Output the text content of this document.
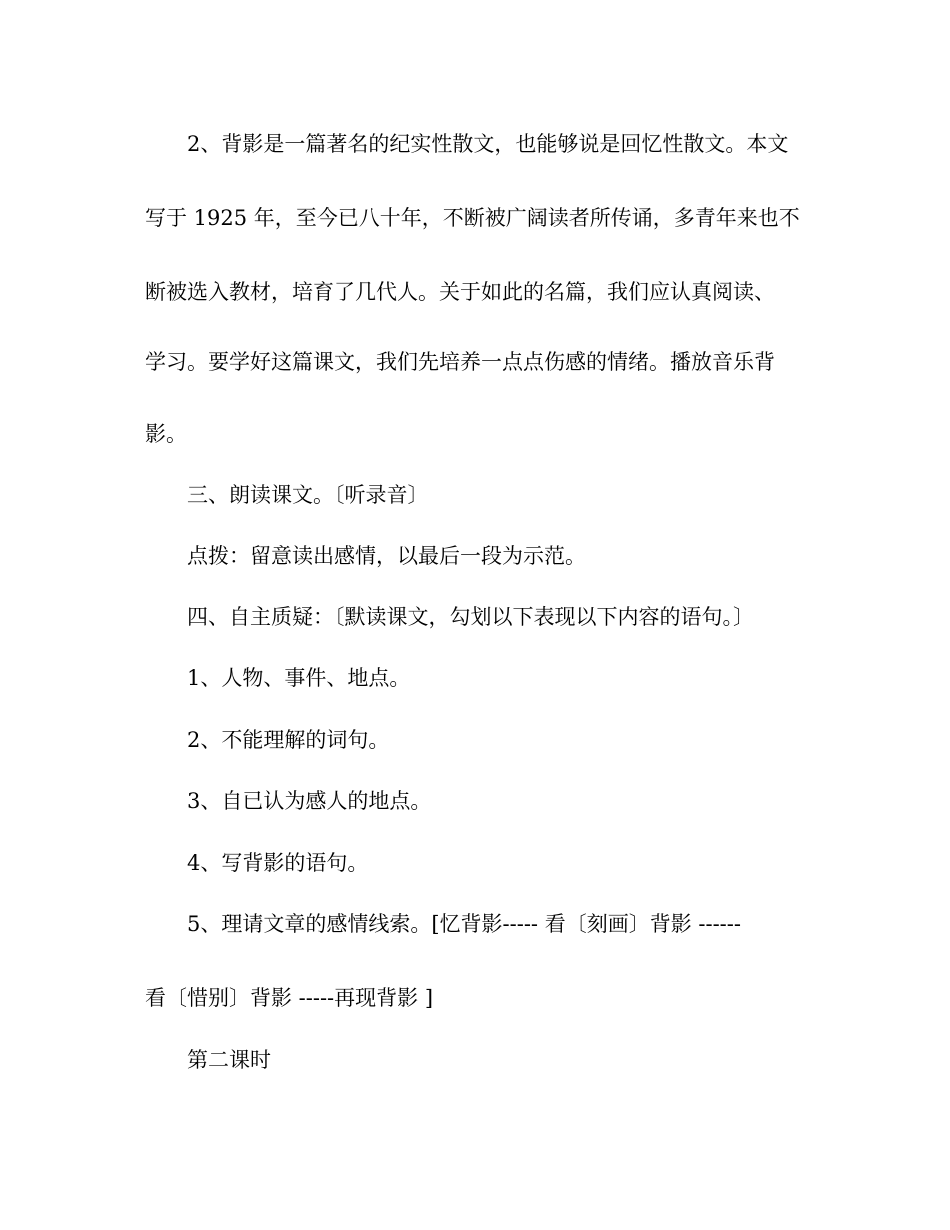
2、背影是一篇著名的纪实性散文，也能够说是回忆性散文。本文

写于 1925 年，至今已八十年，不断被广阔读者所传诵，多青年来也不

断被选入教材，培育了几代人。关于如此的名篇，我们应认真阅读、

学习。要学好这篇课文，我们先培养一点点伤感的情绪。播放音乐背

影。

三、朗读课文。〔听录音〕

点拨：留意读出感情，以最后一段为示范。

四、自主质疑：〔默读课文，勾划以下表现以下内容的语句。〕

1、人物、事件、地点。

2、不能理解的词句。

3、自已认为感人的地点。

4、写背影的语句。

5、理请文章的感情线索。[忆背影----- 看〔刻画〕背影 ------

看〔惜别〕背影 -----再现背影 ]

第二课时
